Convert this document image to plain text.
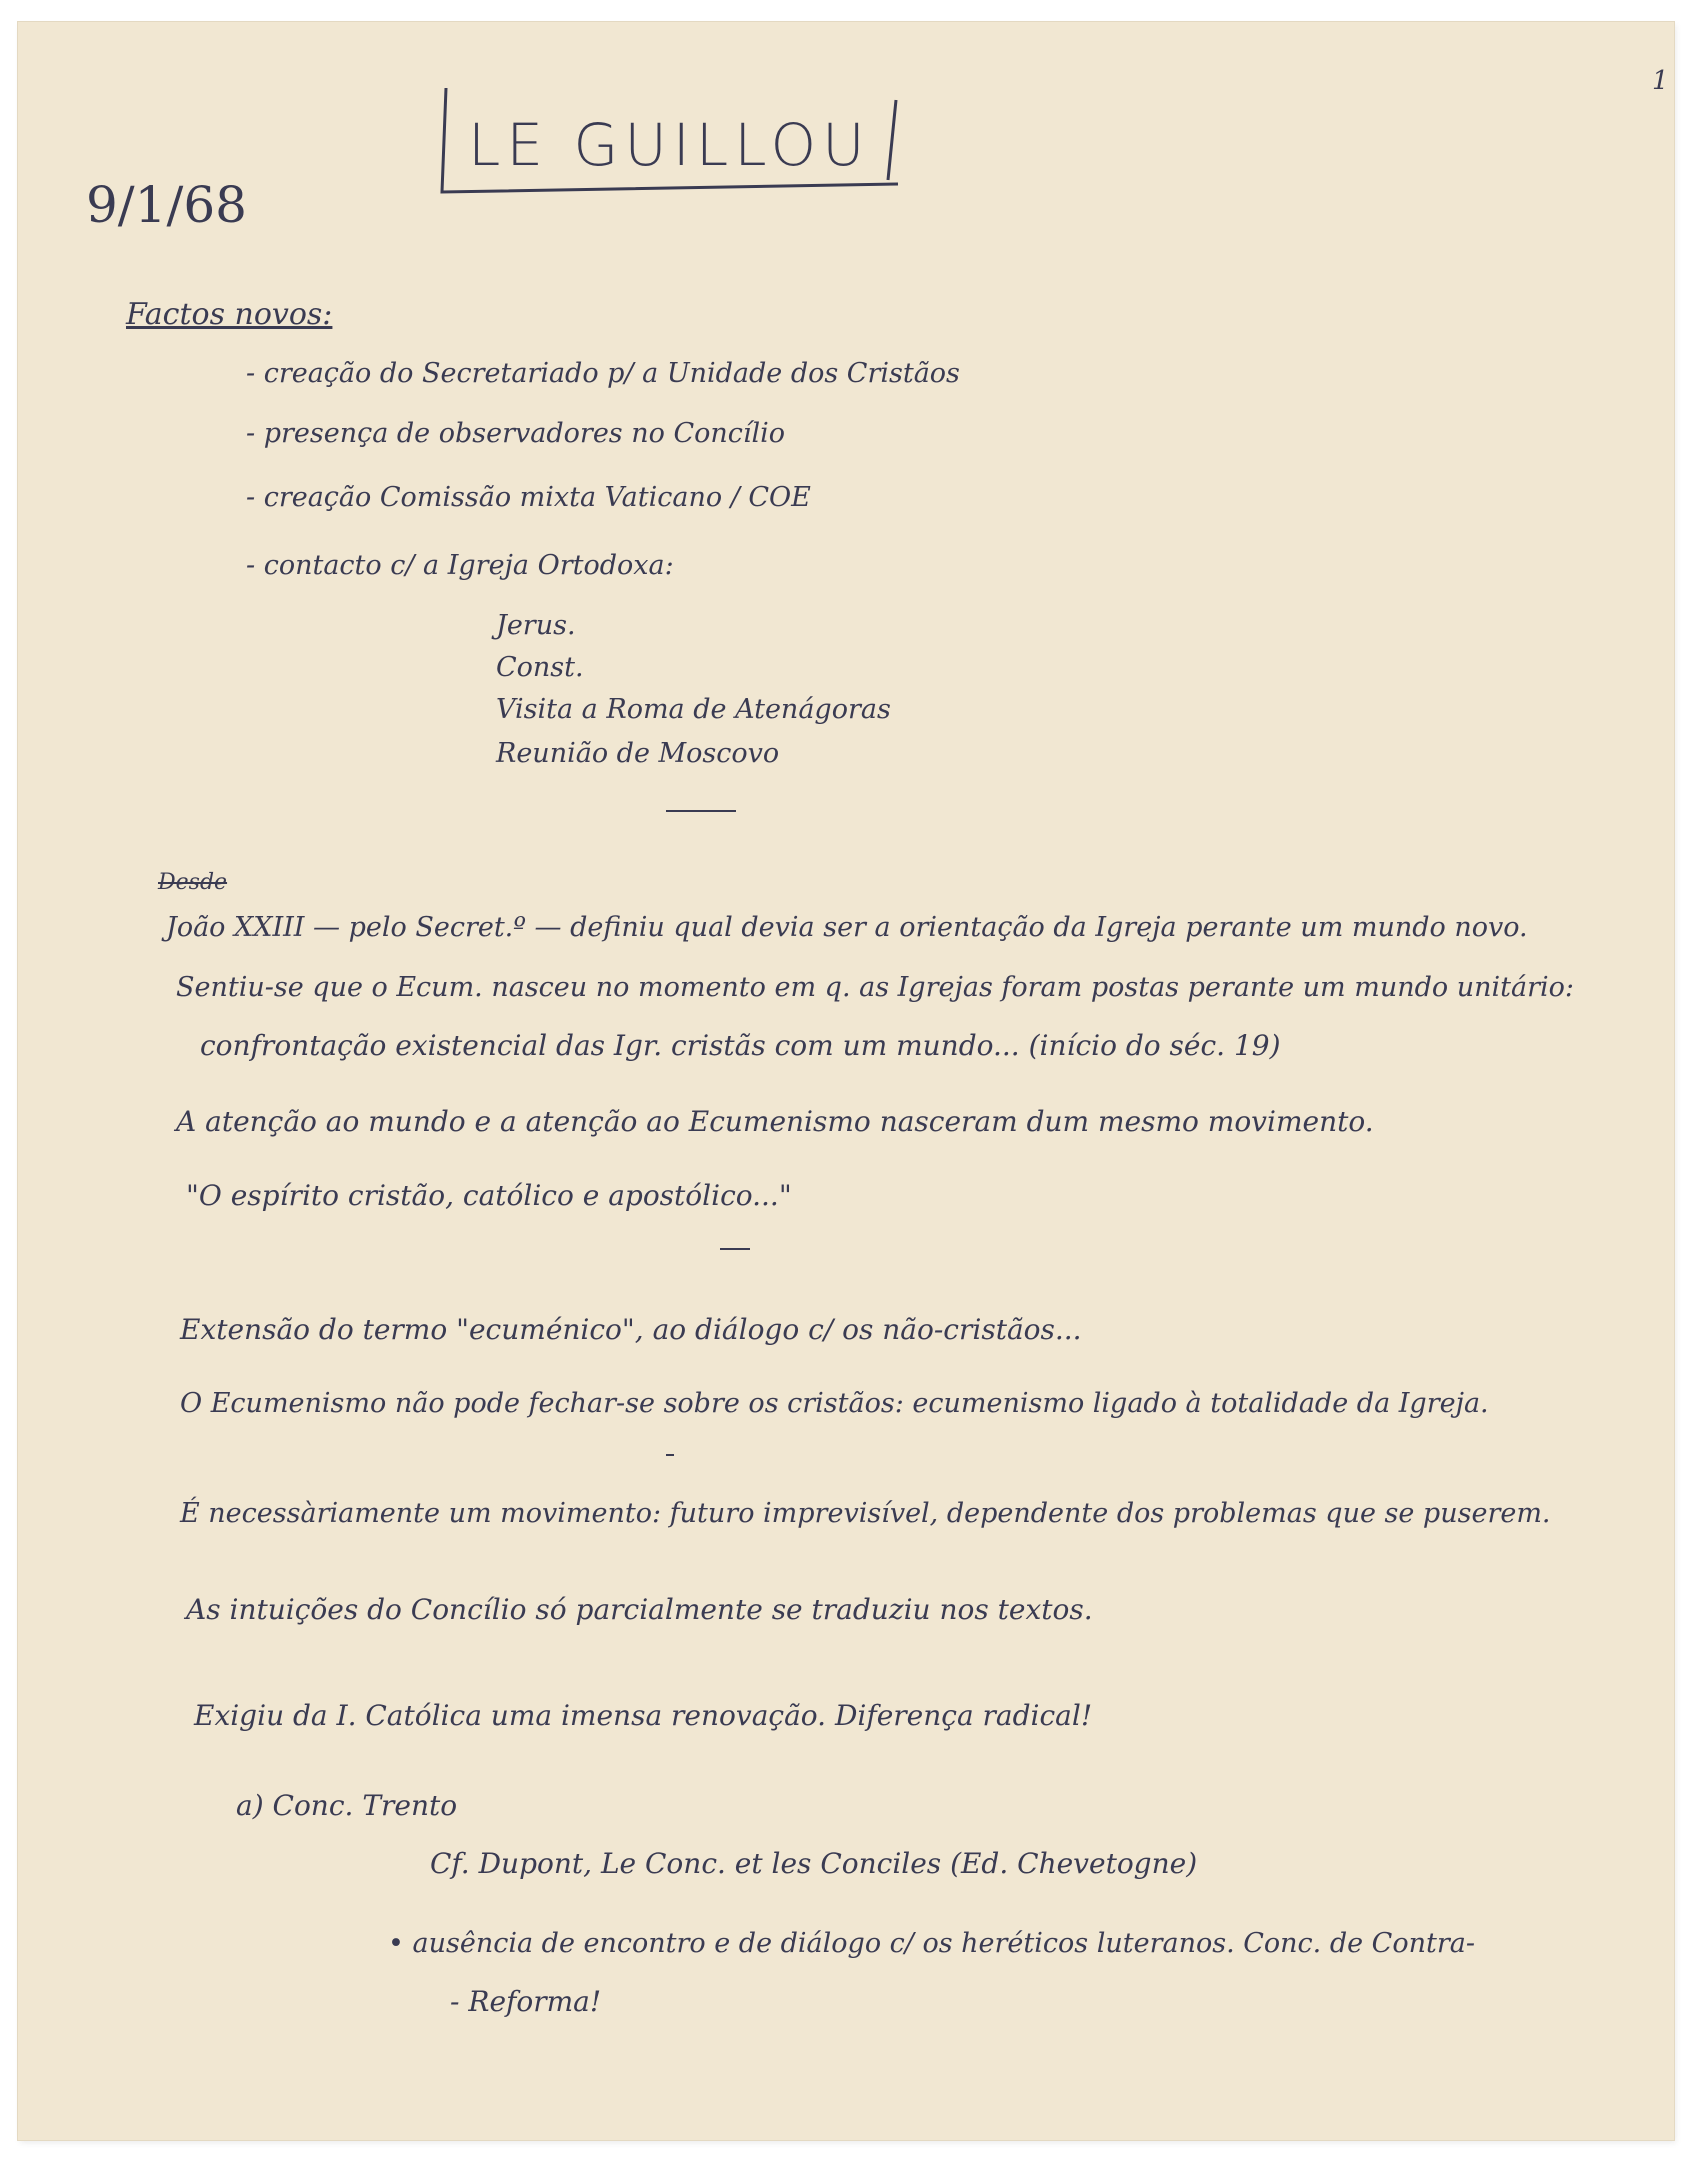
1
LE GUILLOU
9/1/68
Factos novos:
- creação do Secretariado p/ a Unidade dos Cristãos
- presença de observadores no Concílio
- creação Comissão mixta Vaticano / COE
- contacto c/ a Igreja Ortodoxa:
Jerus.
Const.
Visita a Roma de Atenágoras
Reunião de Moscovo
Desde
João XXIII — pelo Secret.º — definiu qual devia ser a orientação da Igreja perante um mundo novo.
Sentiu-se que o Ecum. nasceu no momento em q. as Igrejas foram postas perante um mundo unitário:
confrontação existencial das Igr. cristãs com um mundo... (início do séc. 19)
A atenção ao mundo e a atenção ao Ecumenismo nasceram dum mesmo movimento.
"O espírito cristão, católico e apostólico..."
Extensão do termo "ecuménico", ao diálogo c/ os não-cristãos...
O Ecumenismo não pode fechar-se sobre os cristãos: ecumenismo ligado à totalidade da Igreja.
É necessàriamente um movimento: futuro imprevisível, dependente dos problemas que se puserem.
As intuições do Concílio só parcialmente se traduziu nos textos.
Exigiu da I. Católica uma imensa renovação. Diferença radical!
a) Conc. Trento
Cf. Dupont, Le Conc. et les Conciles (Ed. Chevetogne)
• ausência de encontro e de diálogo c/ os heréticos luteranos. Conc. de Contra-
- Reforma!
